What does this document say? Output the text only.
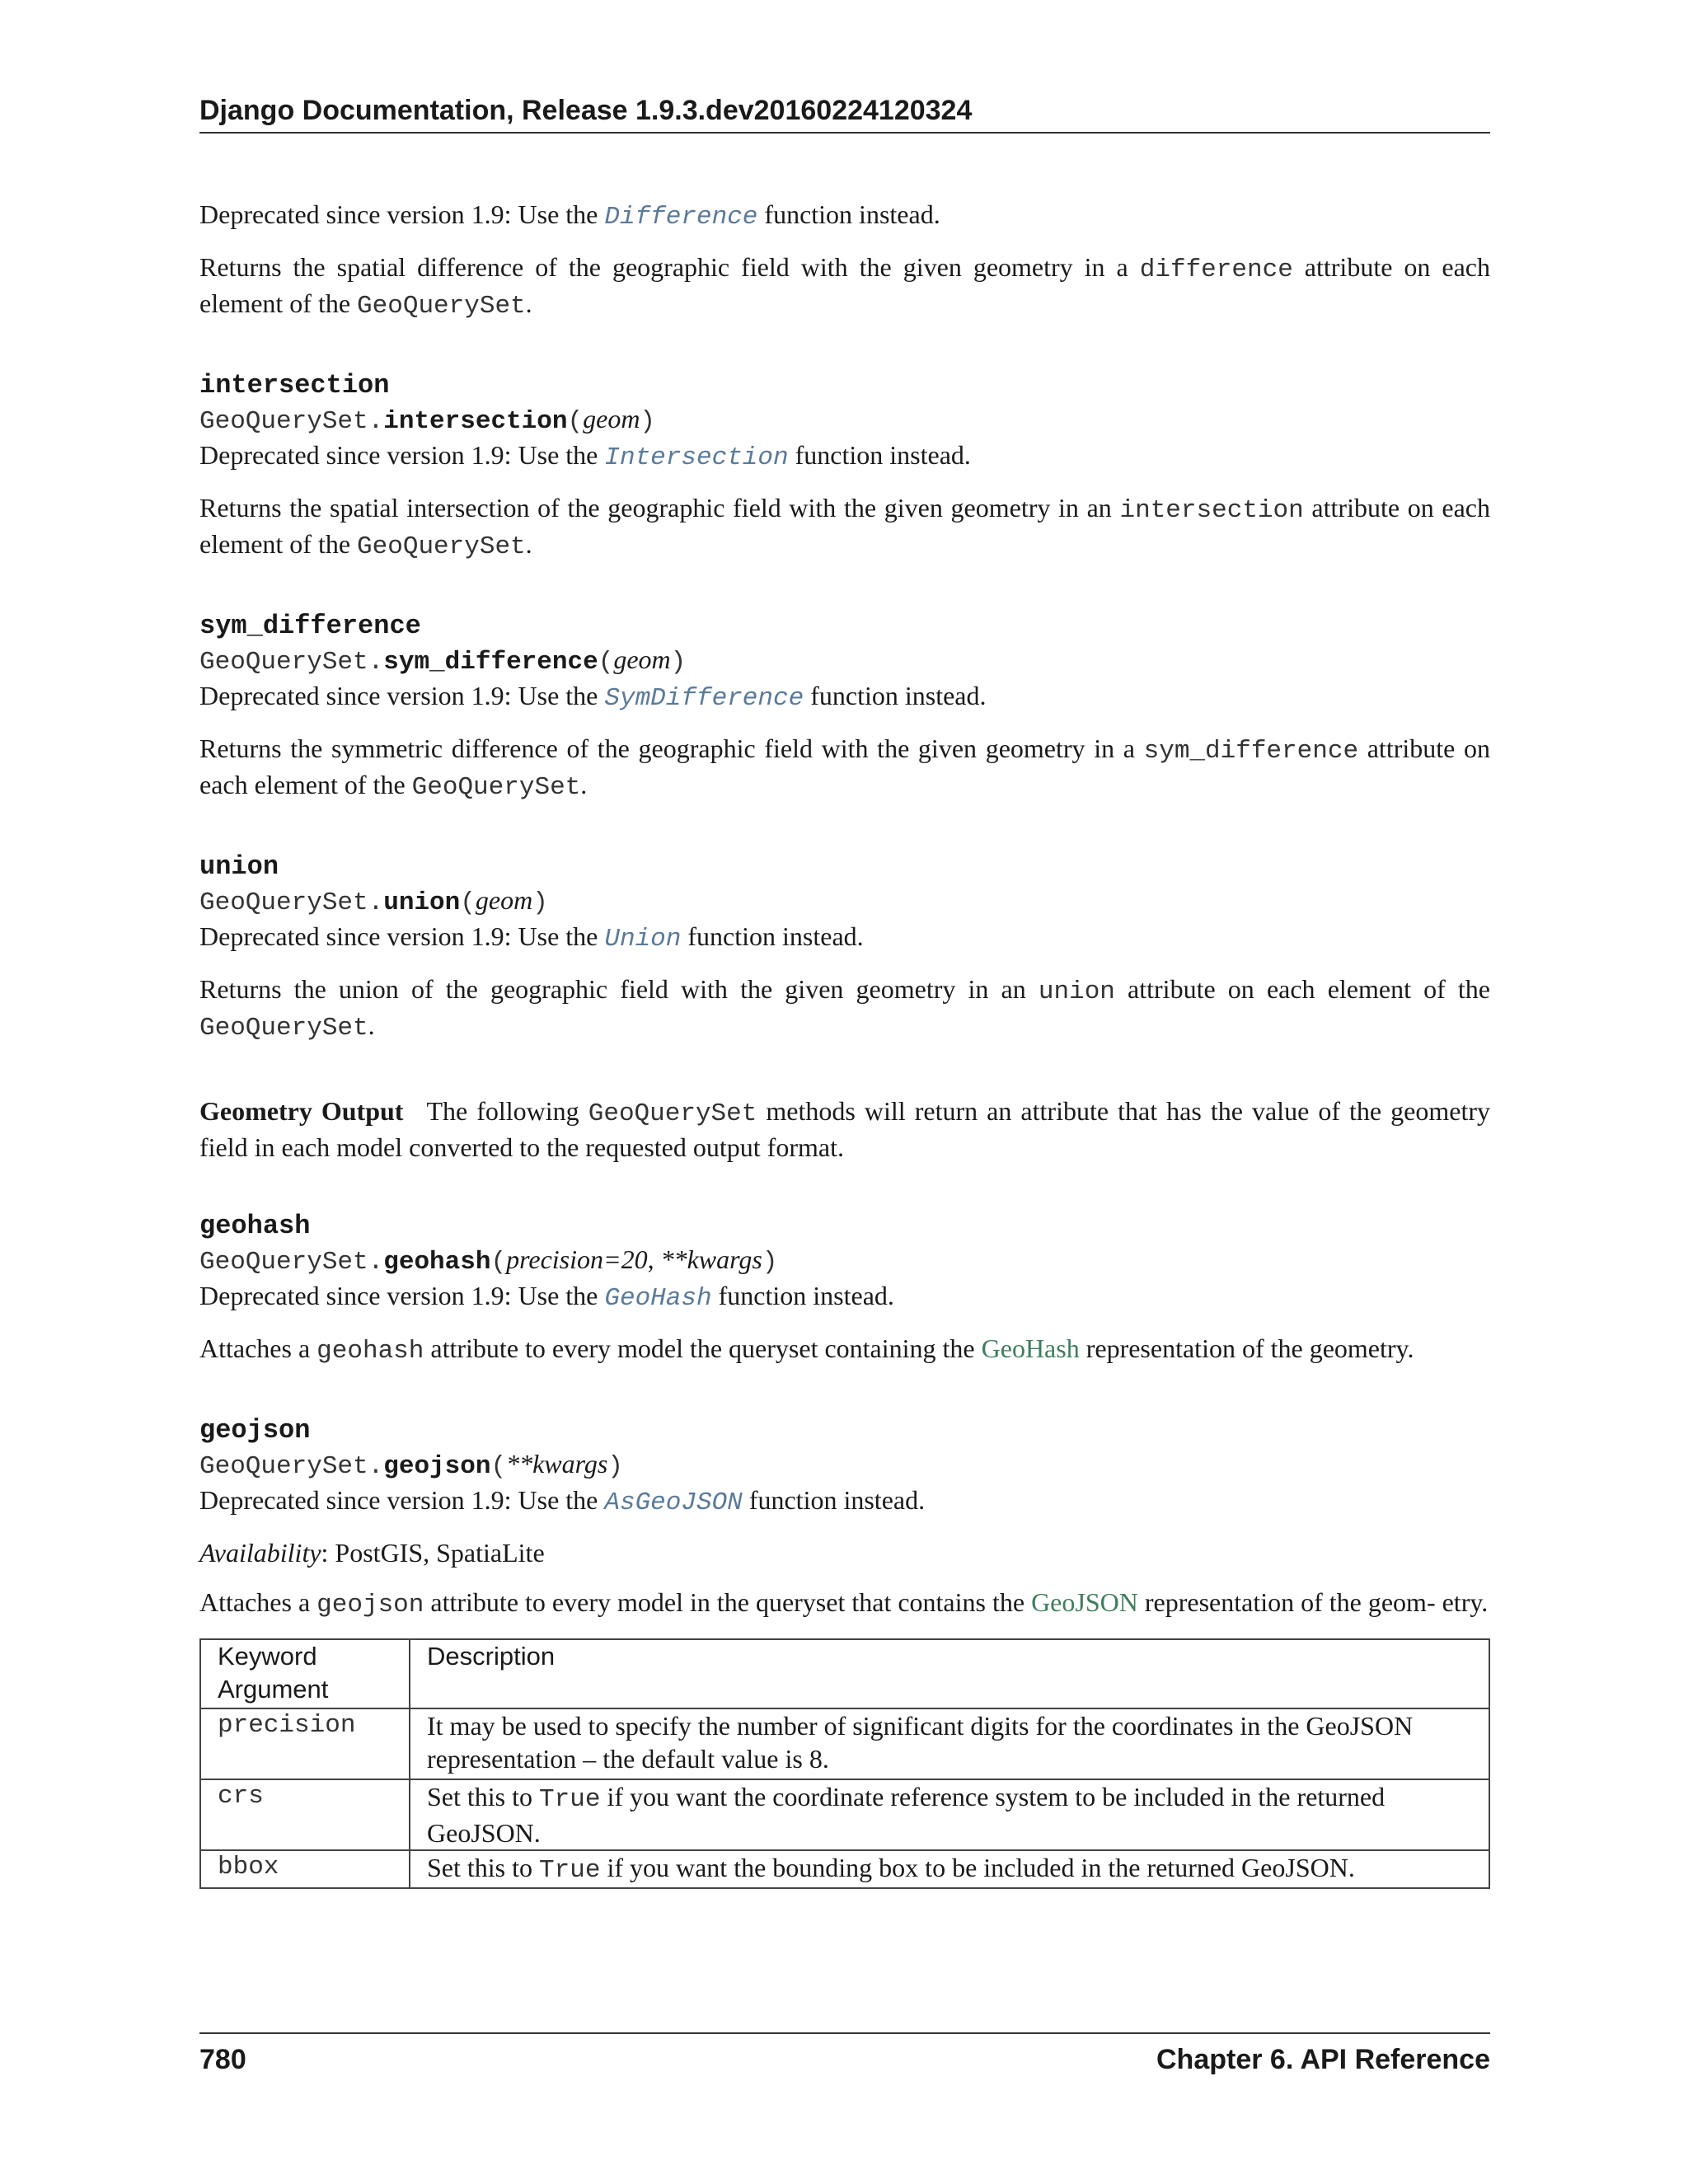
Django Documentation, Release 1.9.3.dev20160224120324

Deprecated since version 1.9: Use the Difference function instead.

Returns the spatial difference of the geographic field with the given geometry in a difference attribute on each element of the GeoQuerySet.

intersection
GeoQuerySet.intersection(geom)

Deprecated since version 1.9: Use the Intersection function instead.

Returns the spatial intersection of the geographic field with the given geometry in an intersection attribute on each element of the GeoQuerySet.

sym_difference
GeoQuerySet.sym_difference(geom)

Deprecated since version 1.9: Use the SymDifference function instead.

Returns the symmetric difference of the geographic field with the given geometry in a sym_difference attribute on each element of the GeoQuerySet.

union
GeoQuerySet.union(geom)

Deprecated since version 1.9: Use the Union function instead.

Returns the union of the geographic field with the given geometry in an union attribute on each element of the GeoQuerySet.

Geometry Output The following GeoQuerySet methods will return an attribute that has the value of the geometry field in each model converted to the requested output format.

geohash
GeoQuerySet.geohash(precision=20, **kwargs)

Deprecated since version 1.9: Use the GeoHash function instead.

Attaches a geohash attribute to every model the queryset containing the GeoHash representation of the geometry.

geojson
GeoQuerySet.geojson(**kwargs)

Deprecated since version 1.9: Use the AsGeoJSON function instead.

Availability: PostGIS, SpatiaLite

Attaches a geojson attribute to every model in the queryset that contains the GeoJSON representation of the geom- etry.

Keyword Argument	Description
precision	It may be used to specify the number of significant digits for the coordinates in the GeoJSON representation – the default value is 8.
crs	Set this to True if you want the coordinate reference system to be included in the returned GeoJSON.
bbox	Set this to True if you want the bounding box to be included in the returned GeoJSON.
780	Chapter 6. API Reference
